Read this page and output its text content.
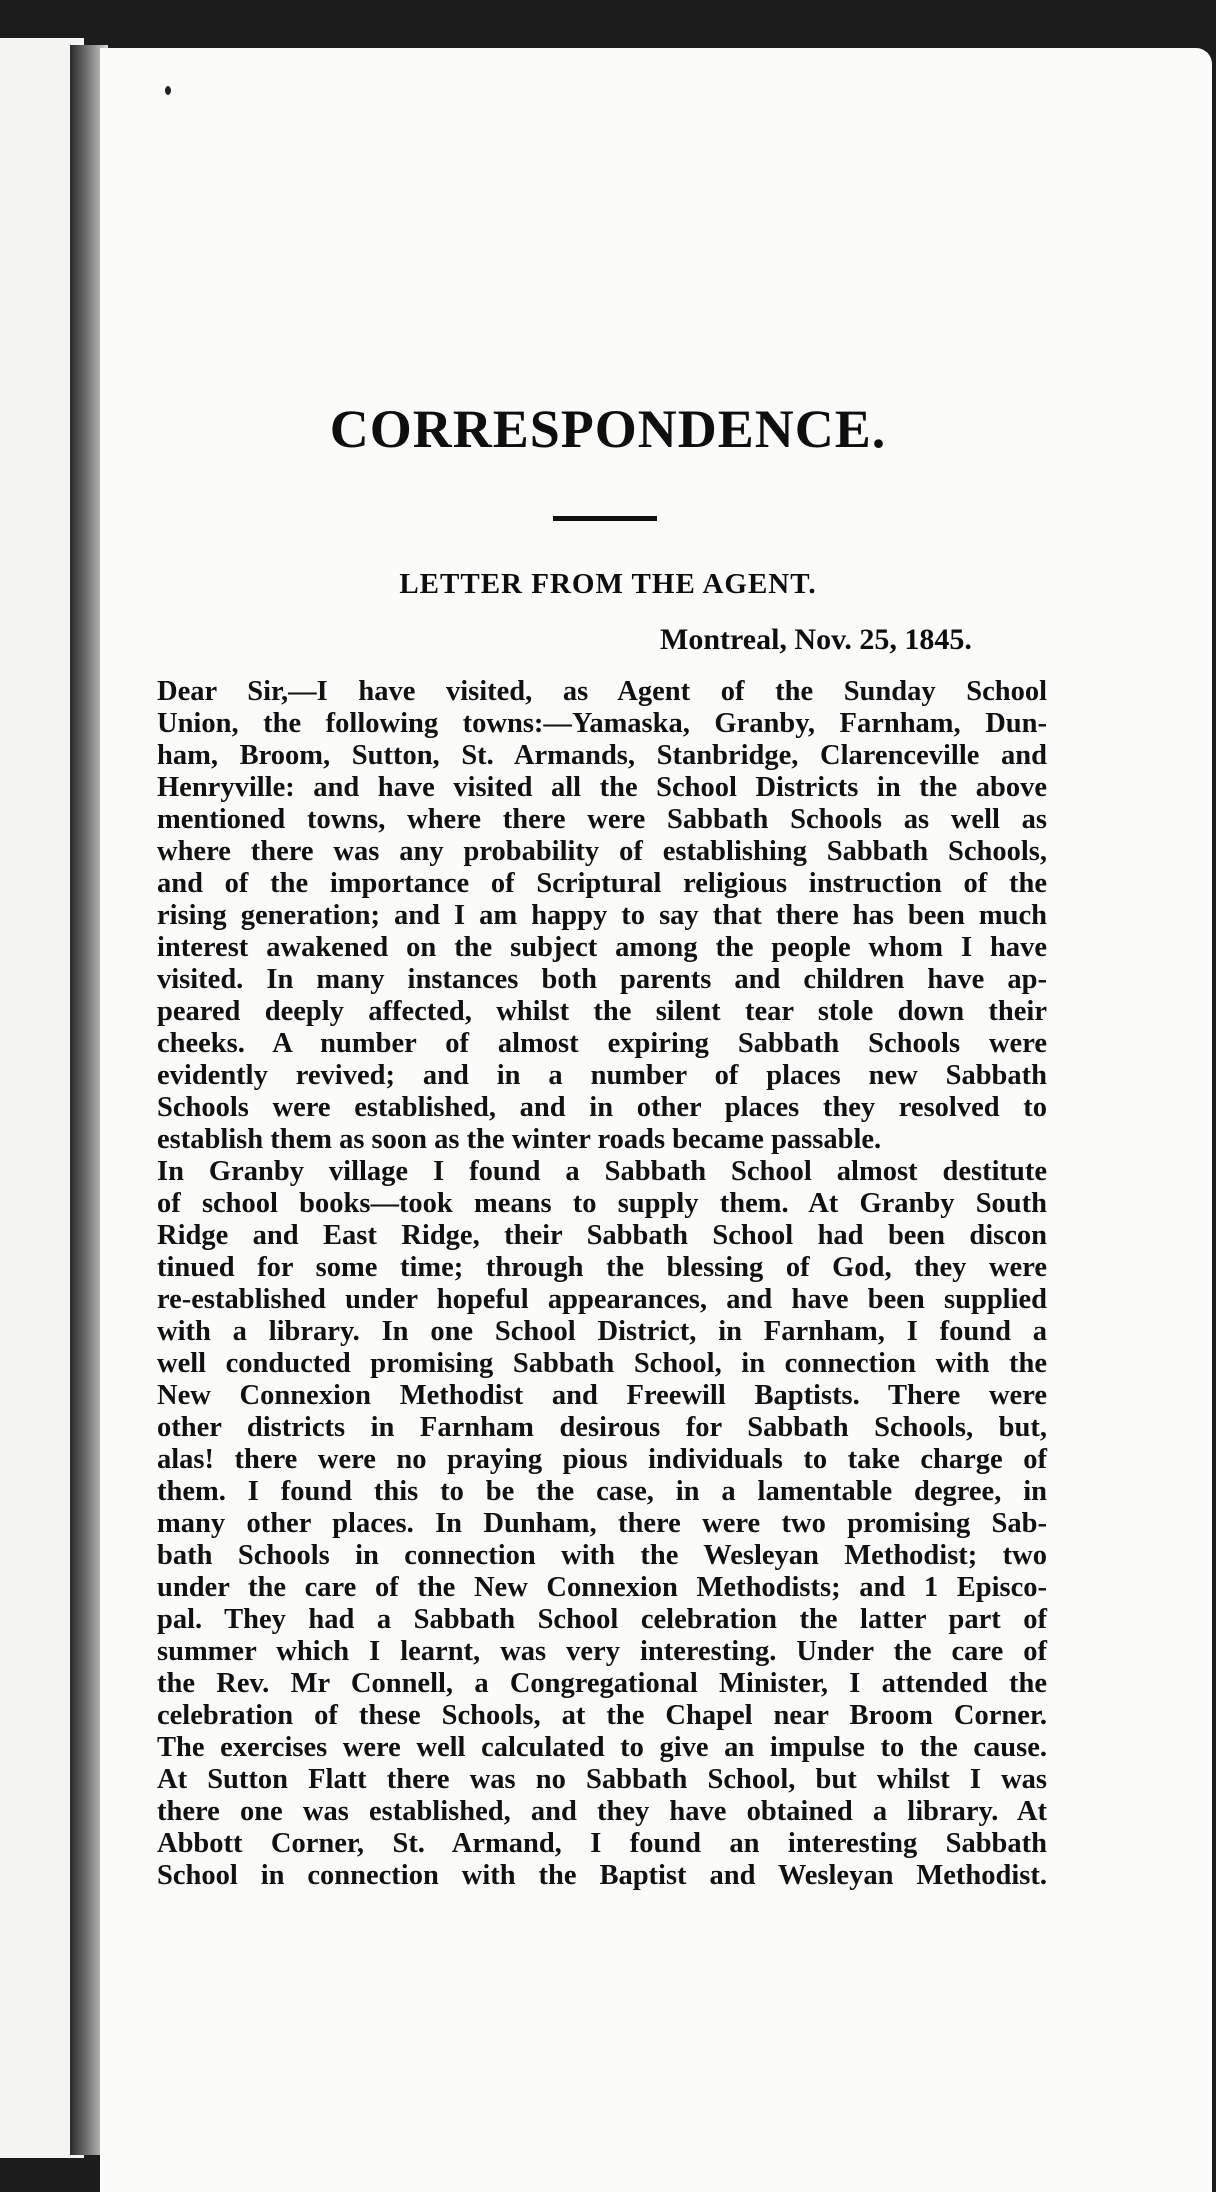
CORRESPONDENCE.
LETTER FROM THE AGENT.
Montreal, Nov. 25, 1845.
Dear Sir,—I have visited, as Agent of the Sunday School
Union, the following towns:—Yamaska, Granby, Farnham, Dun-
ham, Broom, Sutton, St. Armands, Stanbridge, Clarenceville and
Henryville: and have visited all the School Districts in the above
mentioned towns, where there were Sabbath Schools as well as
where there was any probability of establishing Sabbath Schools,
and of the importance of Scriptural religious instruction of the
rising generation; and I am happy to say that there has been much
interest awakened on the subject among the people whom I have
visited. In many instances both parents and children have ap-
peared deeply affected, whilst the silent tear stole down their
cheeks. A number of almost expiring Sabbath Schools were
evidently revived; and in a number of places new Sabbath
Schools were established, and in other places they resolved to
establish them as soon as the winter roads became passable.
In Granby village I found a Sabbath School almost destitute
of school books—took means to supply them. At Granby South
Ridge and East Ridge, their Sabbath School had been discon
tinued for some time; through the blessing of God, they were
re-established under hopeful appearances, and have been supplied
with a library. In one School District, in Farnham, I found a
well conducted promising Sabbath School, in connection with the
New Connexion Methodist and Freewill Baptists. There were
other districts in Farnham desirous for Sabbath Schools, but,
alas! there were no praying pious individuals to take charge of
them. I found this to be the case, in a lamentable degree, in
many other places. In Dunham, there were two promising Sab-
bath Schools in connection with the Wesleyan Methodist; two
under the care of the New Connexion Methodists; and 1 Episco-
pal. They had a Sabbath School celebration the latter part of
summer which I learnt, was very interesting. Under the care of
the Rev. Mr Connell, a Congregational Minister, I attended the
celebration of these Schools, at the Chapel near Broom Corner.
The exercises were well calculated to give an impulse to the cause.
At Sutton Flatt there was no Sabbath School, but whilst I was
there one was established, and they have obtained a library. At
Abbott Corner, St. Armand, I found an interesting Sabbath
School in connection with the Baptist and Wesleyan Methodist.
